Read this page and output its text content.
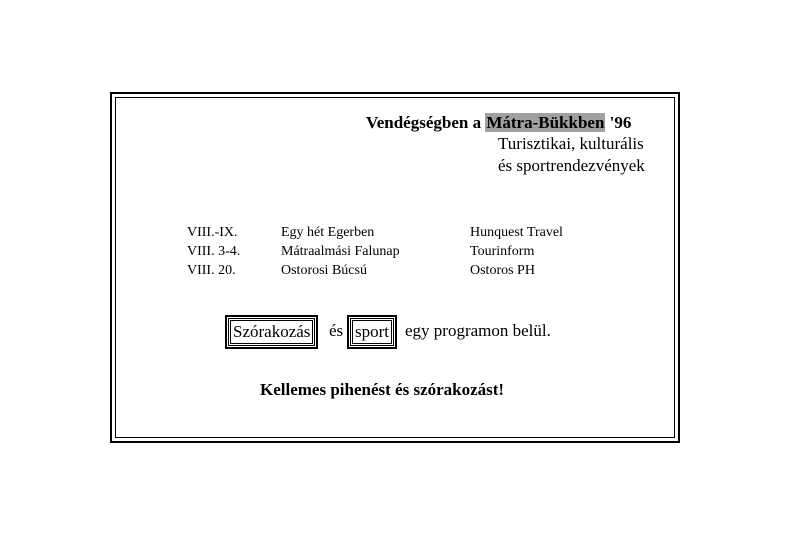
Vendégségben a Mátra-Bükkben '96
Turisztikai, kulturális
és sportrendezvények
VIII.-IX.	Egy hét Egerben	Hunquest Travel
VIII. 3-4.	Mátraalmási Falunap	Tourinform
VIII. 20.	Ostorosi Búcsú	Ostoros PH
Szórakozás és sport egy programon belül.
Kellemes pihenést és szórakozást!
